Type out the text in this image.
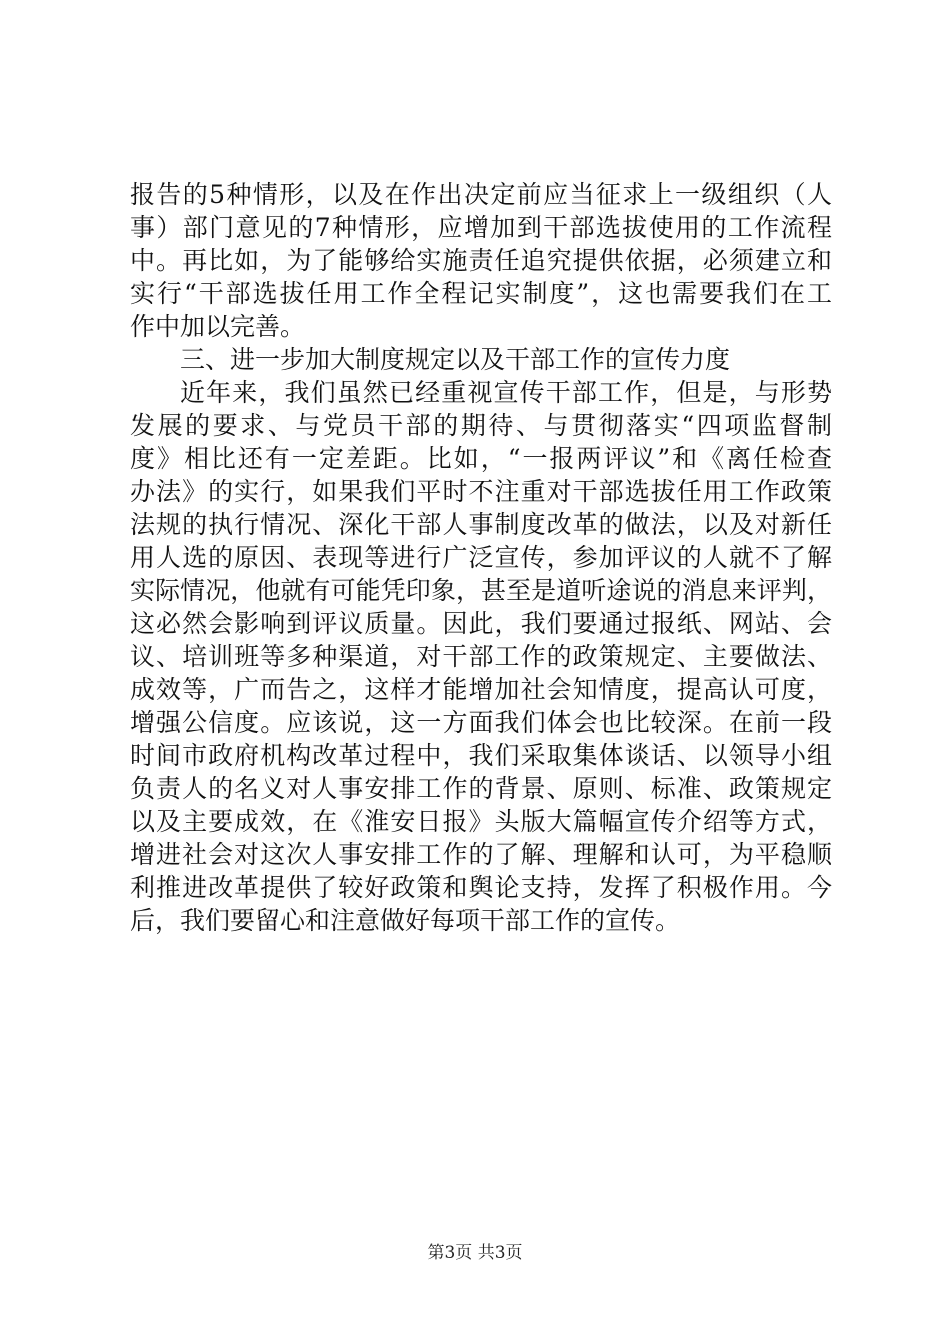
报告的5种情形，以及在作出决定前应当征求上一级组织（人
事）部门意见的7种情形，应增加到干部选拔使用的工作流程
中。再比如，为了能够给实施责任追究提供依据，必须建立和
实行“干部选拔任用工作全程记实制度”，这也需要我们在工
作中加以完善。
三、进一步加大制度规定以及干部工作的宣传力度
近年来，我们虽然已经重视宣传干部工作，但是，与形势
发展的要求、与党员干部的期待、与贯彻落实“四项监督制
度》相比还有一定差距。比如，“一报两评议”和《离任检查
办法》的实行，如果我们平时不注重对干部选拔任用工作政策
法规的执行情况、深化干部人事制度改革的做法，以及对新任
用人选的原因、表现等进行广泛宣传，参加评议的人就不了解
实际情况，他就有可能凭印象，甚至是道听途说的消息来评判，
这必然会影响到评议质量。因此，我们要通过报纸、网站、会
议、培训班等多种渠道，对干部工作的政策规定、主要做法、
成效等，广而告之，这样才能增加社会知情度，提高认可度，
增强公信度。应该说，这一方面我们体会也比较深。在前一段
时间市政府机构改革过程中，我们采取集体谈话、以领导小组
负责人的名义对人事安排工作的背景、原则、标准、政策规定
以及主要成效，在《淮安日报》头版大篇幅宣传介绍等方式，
增进社会对这次人事安排工作的了解、理解和认可，为平稳顺
利推进改革提供了较好政策和舆论支持，发挥了积极作用。今
后，我们要留心和注意做好每项干部工作的宣传。
第3页 共3页
